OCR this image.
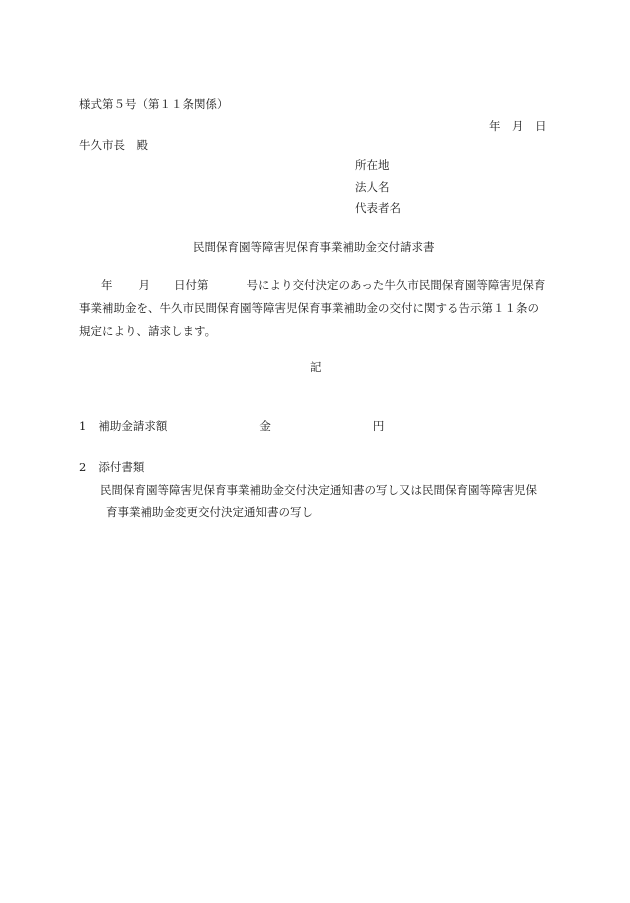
様式第５号（第１１条関係）
年　月　日
牛久市長　殿
所在地
法人名
代表者名
民間保育園等障害児保育事業補助金交付請求書
年 月 日付第	号により交付決定のあった牛久市民間保育園等障害児保育
事業補助金を、牛久市民間保育園等障害児保育事業補助金の交付に関する告示第１１条の
規定により、請求します。
記
1 補助金請求額	金	円
2 添付書類
民間保育園等障害児保育事業補助金交付決定通知書の写し又は民間保育園等障害児保
育事業補助金変更交付決定通知書の写し
